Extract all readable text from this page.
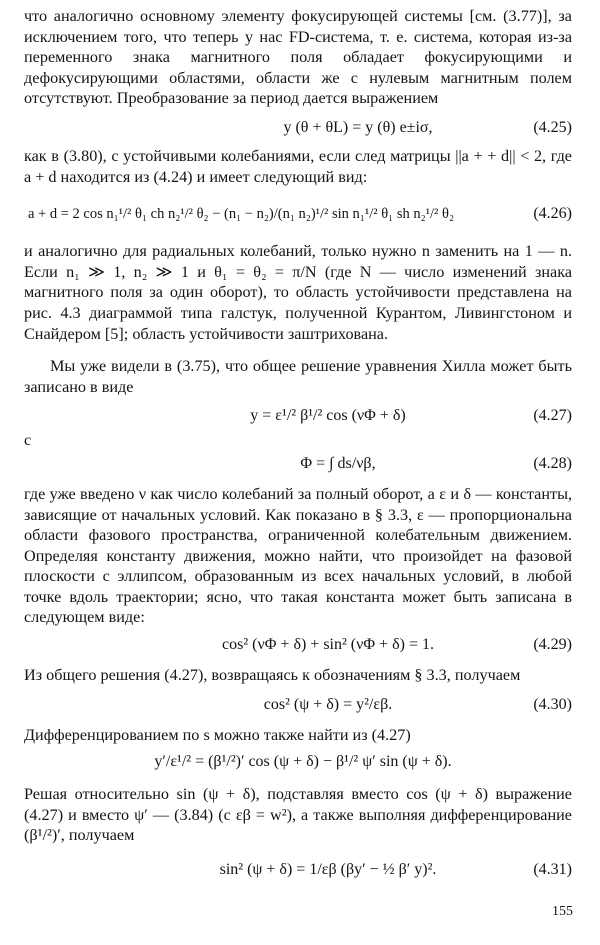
что аналогично основному элементу фокусирующей системы [см. (3.77)], за исключением того, что теперь у нас FD-система, т. е. система, которая из-за переменного знака магнитного поля обладает фокусирующими и дефокусирующими областями, области же с нулевым магнитным полем отсутствуют. Преобразование за период дается выражением

y (θ + θL) = y (θ) e±iσ,	(4.25)

как в (3.80), с устойчивыми колебаниями, если след матрицы ||a + + d|| < 2, где a + d находится из (4.24) и имеет следующий вид:

a + d = 2 cos n₁¹/² θ₁ ch n₂¹/² θ₂ − (n₁ − n₂)/(n₁ n₂)¹/² sin n₁¹/² θ₁ sh n₂¹/² θ₂	(4.26)

и аналогично для радиальных колебаний, только нужно n заменить на 1 — n. Если n₁ ≫ 1, n₂ ≫ 1 и θ₁ = θ₂ = π/N (где N — число изменений знака магнитного поля за один оборот), то область устойчивости представлена на рис. 4.3 диаграммой типа галстук, полученной Курантом, Ливингстоном и Снайдером [5]; область устойчивости заштрихована.

Мы уже видели в (3.75), что общее решение уравнения Хилла может быть записано в виде

y = ε¹/² β¹/² cos (νΦ + δ)	(4.27)

с

Φ = ∫ ds/νβ,	(4.28)

где уже введено ν как число колебаний за полный оборот, а ε и δ — константы, зависящие от начальных условий. Как показано в § 3.3, ε — пропорциональна области фазового пространства, ограниченной колебательным движением. Определяя константу движения, можно найти, что произойдет на фазовой плоскости с эллипсом, образованным из всех начальных условий, в любой точке вдоль траектории; ясно, что такая константа может быть записана в следующем виде:

cos² (νΦ + δ) + sin² (νΦ + δ) = 1.	(4.29)

Из общего решения (4.27), возвращаясь к обозначениям § 3.3, получаем

cos² (ψ + δ) = y²/εβ.	(4.30)

Дифференцированием по s можно также найти из (4.27)

y′/ε¹/² = (β¹/²)′ cos (ψ + δ) − β¹/² ψ′ sin (ψ + δ).

Решая относительно sin (ψ + δ), подставляя вместо cos (ψ + δ) выражение (4.27) и вместо ψ′ — (3.84) (с εβ = w²), а также выполняя дифференцирование (β¹/²)′, получаем

sin² (ψ + δ) = 1/εβ (βy′ − ½ β′ y)².	(4.31)
155
